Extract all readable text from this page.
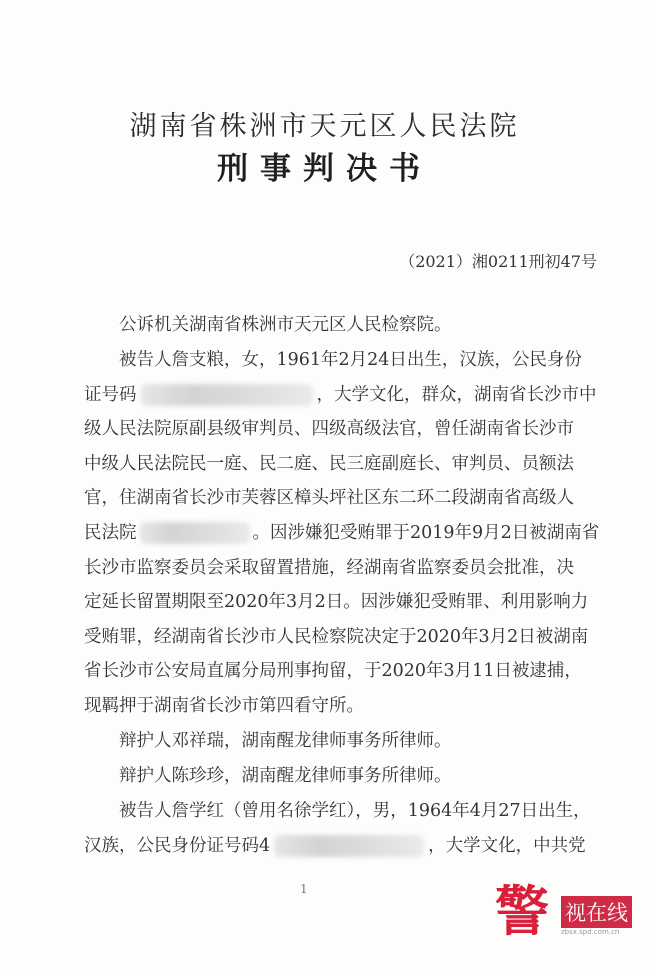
湖南省株洲市天元区人民法院
刑事判决书
（2021）湘0211刑初47号
公诉机关湖南省株洲市天元区人民检察院。
被告人詹支粮，女，1961年2月24日出生，汉族，公民身份
证号码	，大学文化，群众，湖南省长沙市中
级人民法院原副县级审判员、四级高级法官，曾任湖南省长沙市
中级人民法院民一庭、民二庭、民三庭副庭长、审判员、员额法
官，住湖南省长沙市芙蓉区樟头坪社区东二环二段湖南省高级人
民法院	。因涉嫌犯受贿罪于2019年9月2日被湖南省
长沙市监察委员会采取留置措施，经湖南省监察委员会批准，决
定延长留置期限至2020年3月2日。因涉嫌犯受贿罪、利用影响力
受贿罪，经湖南省长沙市人民检察院决定于2020年3月2日被湖南
省长沙市公安局直属分局刑事拘留，于2020年3月11日被逮捕，
现羁押于湖南省长沙市第四看守所。
辩护人邓祥瑞，湖南醒龙律师事务所律师。
辩护人陈珍珍，湖南醒龙律师事务所律师。
被告人詹学红（曾用名徐学红），男，1964年4月27日出生，
汉族，公民身份证号码4	，大学文化，中共党
1	警 视在线
zbsx.spd.com.cn
